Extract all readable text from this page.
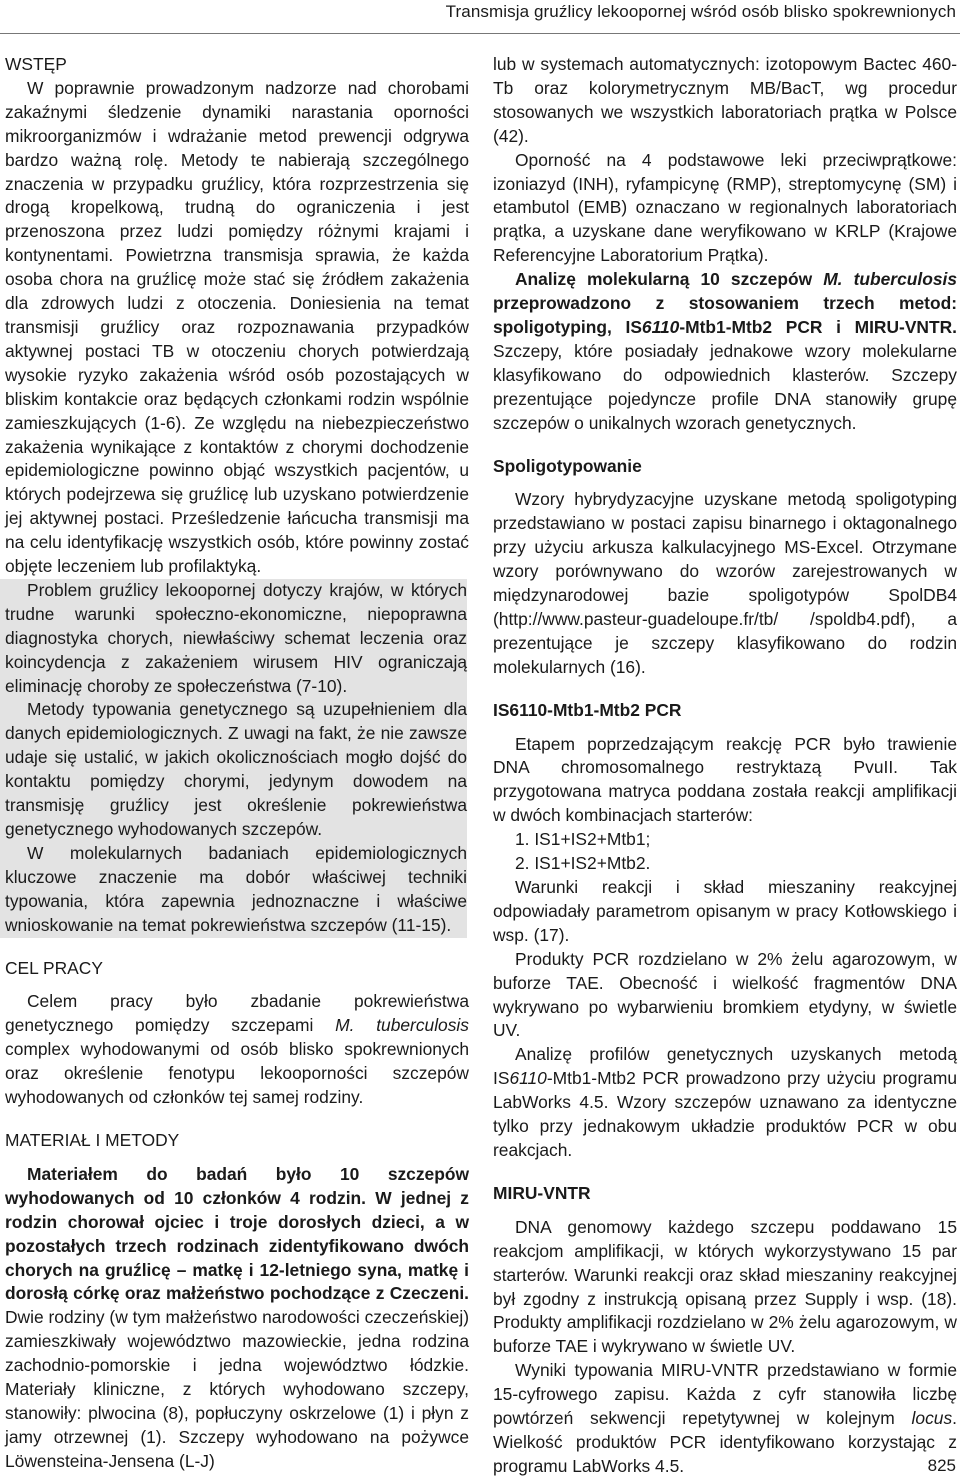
Transmisja gruźlicy lekoopornej wśród osób blisko spokrewnionych
WSTĘP

W poprawnie prowadzonym nadzorze nad chorobami zakaźnymi śledzenie dynamiki narastania oporności mikroorganizmów i wdrażanie metod prewencji odgrywa bardzo ważną rolę. Metody te nabierają szczególnego znaczenia w przypadku gruźlicy, która rozprzestrzenia się drogą kropelkową, trudną do ograniczenia i jest przenoszona przez ludzi pomiędzy różnymi krajami i kontynentami. Powietrzna transmisja sprawia, że każda osoba chora na gruźlicę może stać się źródłem zakażenia dla zdrowych ludzi z otoczenia. Doniesienia na temat transmisji gruźlicy oraz rozpoznawania przypadków aktywnej postaci TB w otoczeniu chorych potwierdzają wysokie ryzyko zakażenia wśród osób pozostających w bliskim kontakcie oraz będących członkami rodzin wspólnie zamieszkujących (1-6). Ze względu na niebezpieczeństwo zakażenia wynikające z kontaktów z chorymi dochodzenie epidemiologiczne powinno objąć wszystkich pacjentów, u których podejrzewa się gruźlicę lub uzyskano potwierdzenie jej aktywnej postaci. Prześledzenie łańcucha transmisji ma na celu identyfikację wszystkich osób, które powinny zostać objęte leczeniem lub profilaktyką.

Problem gruźlicy lekoopornej dotyczy krajów, w których trudne warunki społeczno-ekonomiczne, niepoprawna diagnostyka chorych, niewłaściwy schemat leczenia oraz koincydencja z zakażeniem wirusem HIV ograniczają eliminację choroby ze społeczeństwa (7-10).

Metody typowania genetycznego są uzupełnieniem dla danych epidemiologicznych. Z uwagi na fakt, że nie zawsze udaje się ustalić, w jakich okolicznościach mogło dojść do kontaktu pomiędzy chorymi, jedynym dowodem na transmisję gruźlicy jest określenie pokrewieństwa genetycznego wyhodowanych szczepów.

W molekularnych badaniach epidemiologicznych kluczowe znaczenie ma dobór właściwej techniki typowania, która zapewnia jednoznaczne i właściwe wnioskowanie na temat pokrewieństwa szczepów (11-15).

CEL PRACY

Celem pracy było zbadanie pokrewieństwa genetycznego pomiędzy szczepami M. tuberculosis complex wyhodowanymi od osób blisko spokrewnionych oraz określenie fenotypu lekooporności szczepów wyhodowanych od członków tej samej rodziny.

MATERIAŁ I METODY

Materiałem do badań było 10 szczepów wyhodowanych od 10 członków 4 rodzin. W jednej z rodzin chorował ojciec i troje dorosłych dzieci, a w pozostałych trzech rodzinach zidentyfikowano dwóch chorych na gruźlicę – matkę i 12-letniego syna, matkę i dorosłą córkę oraz małżeństwo pochodzące z Czeczeni. Dwie rodziny (w tym małżeństwo narodowości czeczeńskiej) zamieszkiwały województwo mazowieckie, jedna rodzina zachodnio-pomorskie i jedna województwo łódzkie. Materiały kliniczne, z których wyhodowano szczepy, stanowiły: plwocina (8), popłuczyny oskrzelowe (1) i płyn z jamy otrzewnej (1). Szczepy wyhodowano na pożywce Löwensteina-Jensena (L-J)

lub w systemach automatycznych: izotopowym Bactec 460-Tb oraz kolorymetrycznym MB/BacT, wg procedur stosowanych we wszystkich laboratoriach prątka w Polsce (42).

Oporność na 4 podstawowe leki przeciwprątkowe: izoniazyd (INH), ryfampicynę (RMP), streptomycynę (SM) i etambutol (EMB) oznaczano w regionalnych laboratoriach prątka, a uzyskane dane weryfikowano w KRLP (Krajowe Referencyjne Laboratorium Prątka).

Analizę molekularną 10 szczepów M. tuberculosis przeprowadzono z stosowaniem trzech metod: spoligotyping, IS6110-Mtb1-Mtb2 PCR i MIRU-VNTR. Szczepy, które posiadały jednakowe wzory molekularne klasyfikowano do odpowiednich klasterów. Szczepy prezentujące pojedyncze profile DNA stanowiły grupę szczepów o unikalnych wzorach genetycznych.

Spoligotypowanie

Wzory hybrydyzacyjne uzyskane metodą spoligotyping przedstawiano w postaci zapisu binarnego i oktagonalnego przy użyciu arkusza kalkulacyjnego MS-Excel. Otrzymane wzory porównywano do wzorów zarejestrowanych w międzynarodowej bazie spoligotypów SpolDB4 (http://www.pasteur-guadeloupe.fr/tb/ /spoldb4.pdf), a prezentujące je szczepy klasyfikowano do rodzin molekularnych (16).

IS6110-Mtb1-Mtb2 PCR

Etapem poprzedzającym reakcję PCR było trawienie DNA chromosomalnego restryktazą PvuII. Tak przygotowana matryca poddana została reakcji amplifikacji w dwóch kombinacjach starterów:

1. IS1+IS2+Mtb1;

2. IS1+IS2+Mtb2.

Warunki reakcji i skład mieszaniny reakcyjnej odpowiadały parametrom opisanym w pracy Kotłowskiego i wsp. (17).

Produkty PCR rozdzielano w 2% żelu agarozowym, w buforze TAE. Obecność i wielkość fragmentów DNA wykrywano po wybarwieniu bromkiem etydyny, w świetle UV.

Analizę profilów genetycznych uzyskanych metodą IS6110-Mtb1-Mtb2 PCR prowadzono przy użyciu programu LabWorks 4.5. Wzory szczepów uznawano za identyczne tylko przy jednakowym układzie produktów PCR w obu reakcjach.

MIRU-VNTR

DNA genomowy każdego szczepu poddawano 15 reakcjom amplifikacji, w których wykorzystywano 15 par starterów. Warunki reakcji oraz skład mieszaniny reakcyjnej był zgodny z instrukcją opisaną przez Supply i wsp. (18). Produkty amplifikacji rozdzielano w 2% żelu agarozowym, w buforze TAE i wykrywano w świetle UV.

Wyniki typowania MIRU-VNTR przedstawiano w formie 15-cyfrowego zapisu. Każda z cyfr stanowiła liczbę powtórzeń sekwencji repetytywnej w kolejnym locus. Wielkość produktów PCR identyfikowano korzystając z programu LabWorks 4.5.	825
